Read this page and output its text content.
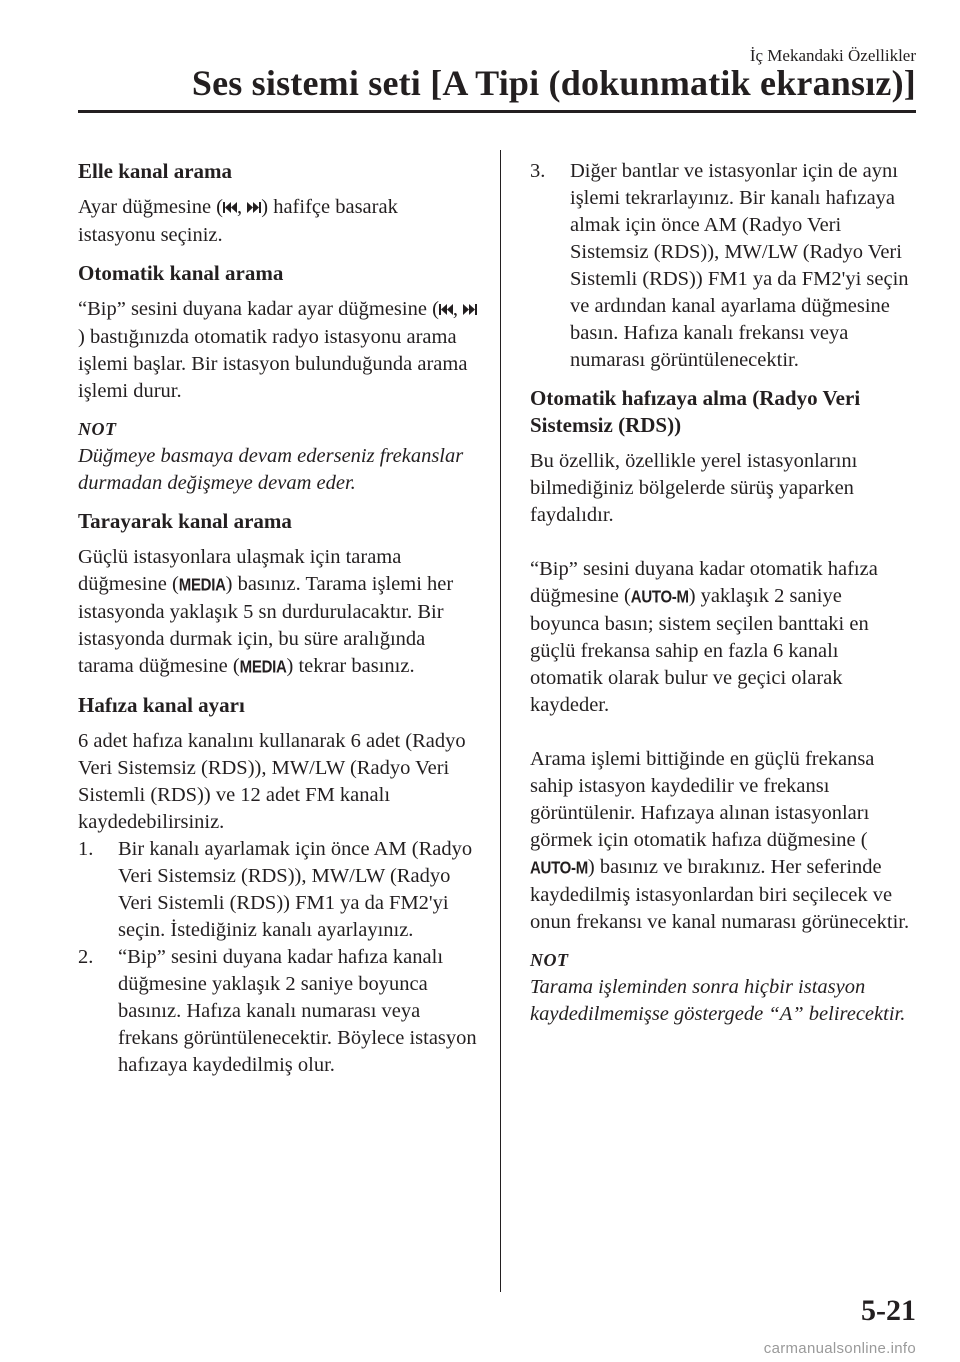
İç Mekandaki Özellikler
Ses sistemi seti [A Tipi (dokunmatik ekransız)]
Elle kanal arama

Ayar düğmesine ( , ) hafifçe basarak istasyonu seçiniz.

Otomatik kanal arama

“Bip” sesini duyana kadar ayar düğmesine ( , ) bastığınızda otomatik radyo istasyonu arama işlemi başlar. Bir istasyon bulunduğunda arama işlemi durur.

NOT

Düğmeye basmaya devam ederseniz frekanslar durmadan değişmeye devam eder.

Tarayarak kanal arama

Güçlü istasyonlara ulaşmak için tarama düğmesine (MEDIA) basınız. Tarama işlemi her istasyonda yaklaşık 5 sn durdurulacaktır. Bir istasyonda durmak için, bu süre aralığında tarama düğmesine (MEDIA) tekrar basınız.

Hafıza kanal ayarı

6 adet hafıza kanalını kullanarak 6 adet (Radyo Veri Sistemsiz (RDS)), MW/LW (Radyo Veri Sistemli (RDS)) ve 12 adet FM kanalı kaydedebilirsiniz.

1. Bir kanalı ayarlamak için önce AM (Radyo Veri Sistemsiz (RDS)), MW/LW (Radyo Veri Sistemli (RDS)) FM1 ya da FM2'yi seçin. İstediğiniz kanalı ayarlayınız.
2. “Bip” sesini duyana kadar hafıza kanalı düğmesine yaklaşık 2 saniye boyunca basınız. Hafıza kanalı numarası veya frekans görüntülenecektir. Böylece istasyon hafızaya kaydedilmiş olur.
3. Diğer bantlar ve istasyonlar için de aynı işlemi tekrarlayınız. Bir kanalı hafızaya almak için önce AM (Radyo Veri Sistemsiz (RDS)), MW/LW (Radyo Veri Sistemli (RDS)) FM1 ya da FM2'yi seçin ve ardından kanal ayarlama düğmesine basın. Hafıza kanalı frekansı veya numarası görüntülenecektir.
Otomatik hafızaya alma (Radyo Veri Sistemsiz (RDS))

Bu özellik, özellikle yerel istasyonlarını bilmediğiniz bölgelerde sürüş yaparken faydalıdır.

“Bip” sesini duyana kadar otomatik hafıza düğmesine (AUTO-M) yaklaşık 2 saniye boyunca basın; sistem seçilen banttaki en güçlü frekansa sahip en fazla 6 kanalı otomatik olarak bulur ve geçici olarak kaydeder.

Arama işlemi bittiğinde en güçlü frekansa sahip istasyon kaydedilir ve frekansı görüntülenir. Hafızaya alınan istasyonları görmek için otomatik hafıza düğmesine (AUTO-M) basınız ve bırakınız. Her seferinde kaydedilmiş istasyonlardan biri seçilecek ve onun frekansı ve kanal numarası görünecektir.

NOT

Tarama işleminden sonra hiçbir istasyon kaydedilmemişse göstergede “A” belirecektir.

5-21
carmanualsonline.info
